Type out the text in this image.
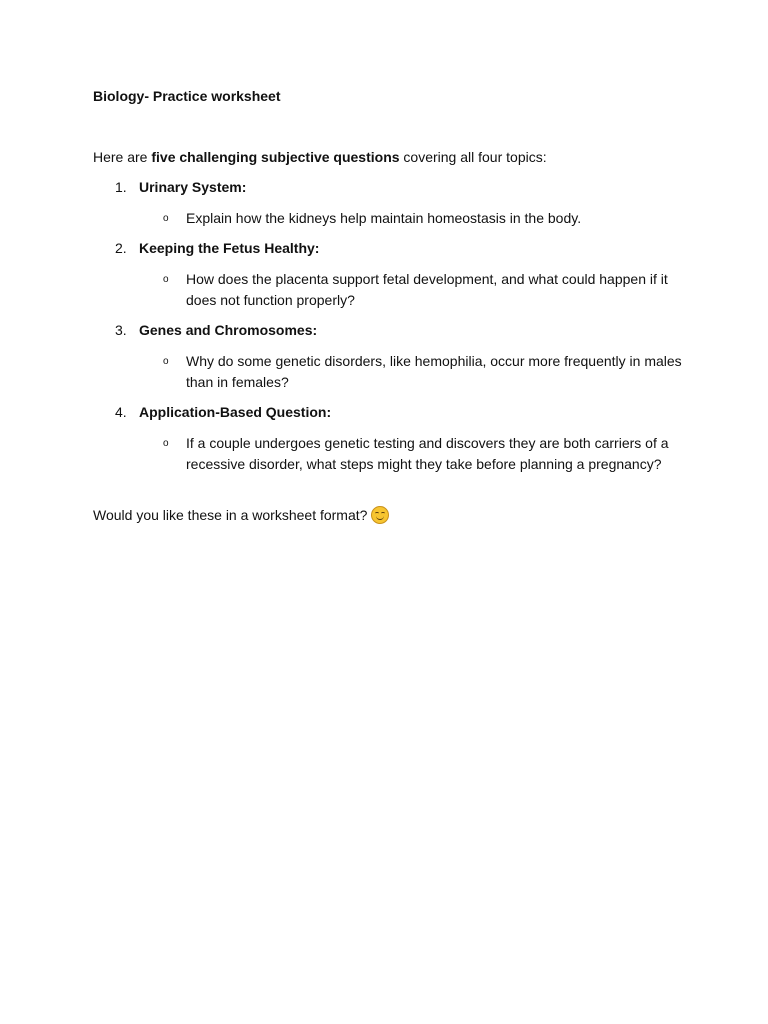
Biology- Practice worksheet
Here are five challenging subjective questions covering all four topics:
1. Urinary System:
o Explain how the kidneys help maintain homeostasis in the body.
2. Keeping the Fetus Healthy:
o How does the placenta support fetal development, and what could happen if it does not function properly?
3. Genes and Chromosomes:
o Why do some genetic disorders, like hemophilia, occur more frequently in males than in females?
4. Application-Based Question:
o If a couple undergoes genetic testing and discovers they are both carriers of a recessive disorder, what steps might they take before planning a pregnancy?
Would you like these in a worksheet format?
